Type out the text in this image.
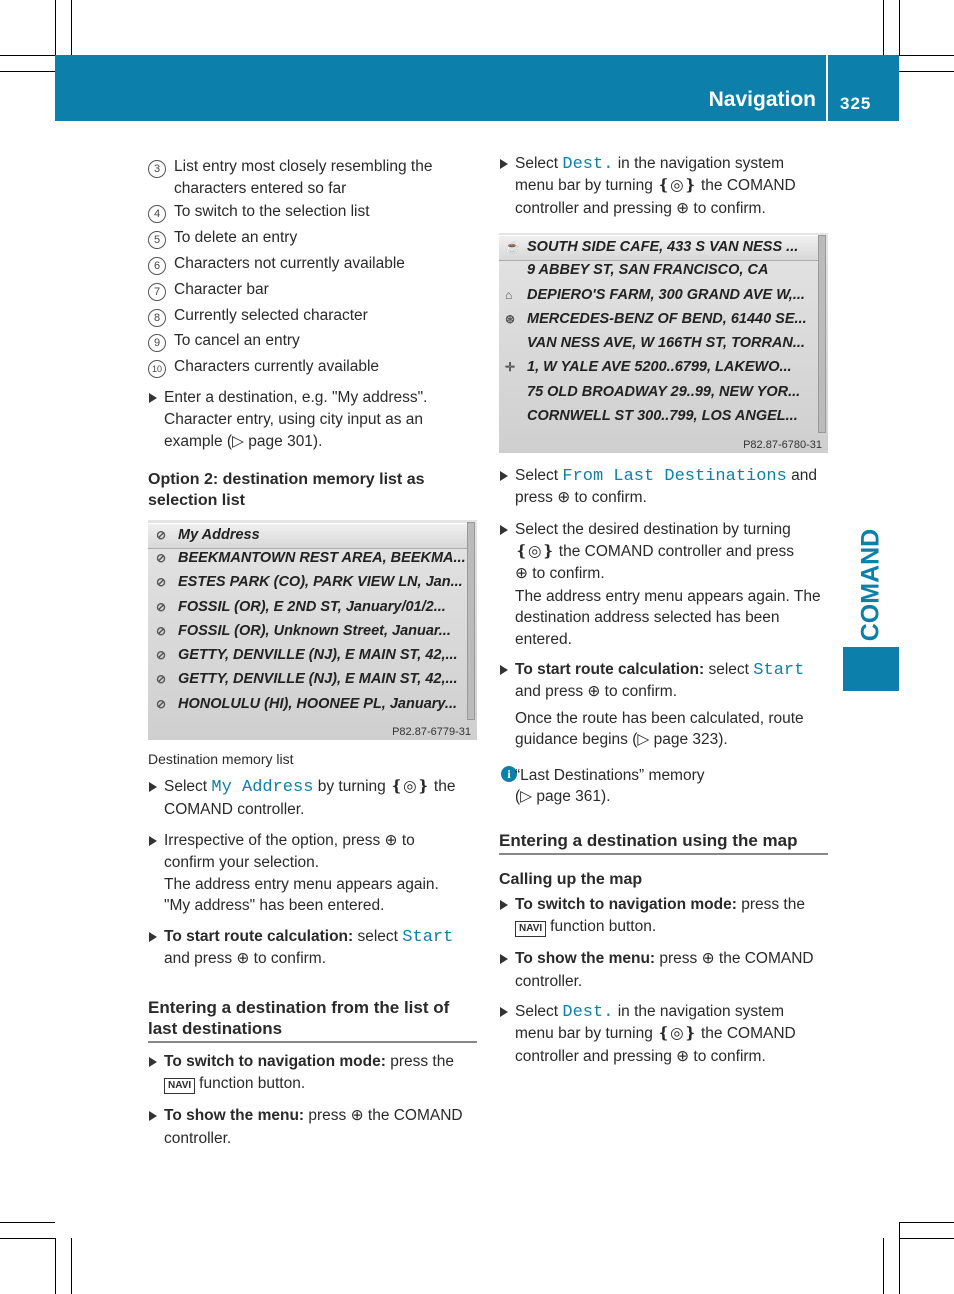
Navigation 325
COMAND
3 List entry most closely resembling the
characters entered so far
4 To switch to the selection list
5 To delete an entry
6 Characters not currently available
7 Character bar
8 Currently selected character
9 To cancel an entry
10 Characters currently available
Enter a destination, e.g. "My address".
Character entry, using city input as an
example (▷ page 301).
Option 2: destination memory list as
selection list
⊘ My Address
⊘ BEEKMANTOWN REST AREA, BEEKMA...
⊘ ESTES PARK (CO), PARK VIEW LN, Jan...
⊘ FOSSIL (OR), E 2ND ST, January/01/2...
⊘ FOSSIL (OR), Unknown Street, Januar...
⊘ GETTY, DENVILLE (NJ), E MAIN ST, 42,...
⊘ GETTY, DENVILLE (NJ), E MAIN ST, 42,...
⊘ HONOLULU (HI), HOONEE PL, January...
P82.87-6779-31
Destination memory list
Select My Address by turning ❴◎❵ the
COMAND controller.
Irrespective of the option, press ⊕ to
confirm your selection.
The address entry menu appears again.
"My address" has been entered.
To start route calculation: select Start
and press ⊕ to confirm.
Entering a destination from the list of
last destinations
To switch to navigation mode: press the
NAVI function button.
To show the menu: press ⊕ the COMAND
controller.
Select Dest. in the navigation system
menu bar by turning ❴◎❵ the COMAND
controller and pressing ⊕ to confirm.
☕ SOUTH SIDE CAFE, 433 S VAN NESS ...
9 ABBEY ST, SAN FRANCISCO, CA
⌂ DEPIERO'S FARM, 300 GRAND AVE W,...
⊛ MERCEDES-BENZ OF BEND, 61440 SE...
VAN NESS AVE, W 166TH ST, TORRAN...
✛ 1, W YALE AVE 5200..6799, LAKEWO...
75 OLD BROADWAY 29..99, NEW YOR...
CORNWELL ST 300..799, LOS ANGEL...
P82.87-6780-31
Select From Last Destinations and
press ⊕ to confirm.
Select the desired destination by turning
❴◎❵ the COMAND controller and press
⊕ to confirm.
The address entry menu appears again. The
destination address selected has been
entered.
To start route calculation: select Start
and press ⊕ to confirm.
Once the route has been calculated, route
guidance begins (▷ page 323).
i “Last Destinations” memory
(▷ page 361).
Entering a destination using the map
Calling up the map
To switch to navigation mode: press the
NAVI function button.
To show the menu: press ⊕ the COMAND
controller.
Select Dest. in the navigation system
menu bar by turning ❴◎❵ the COMAND
controller and pressing ⊕ to confirm.
